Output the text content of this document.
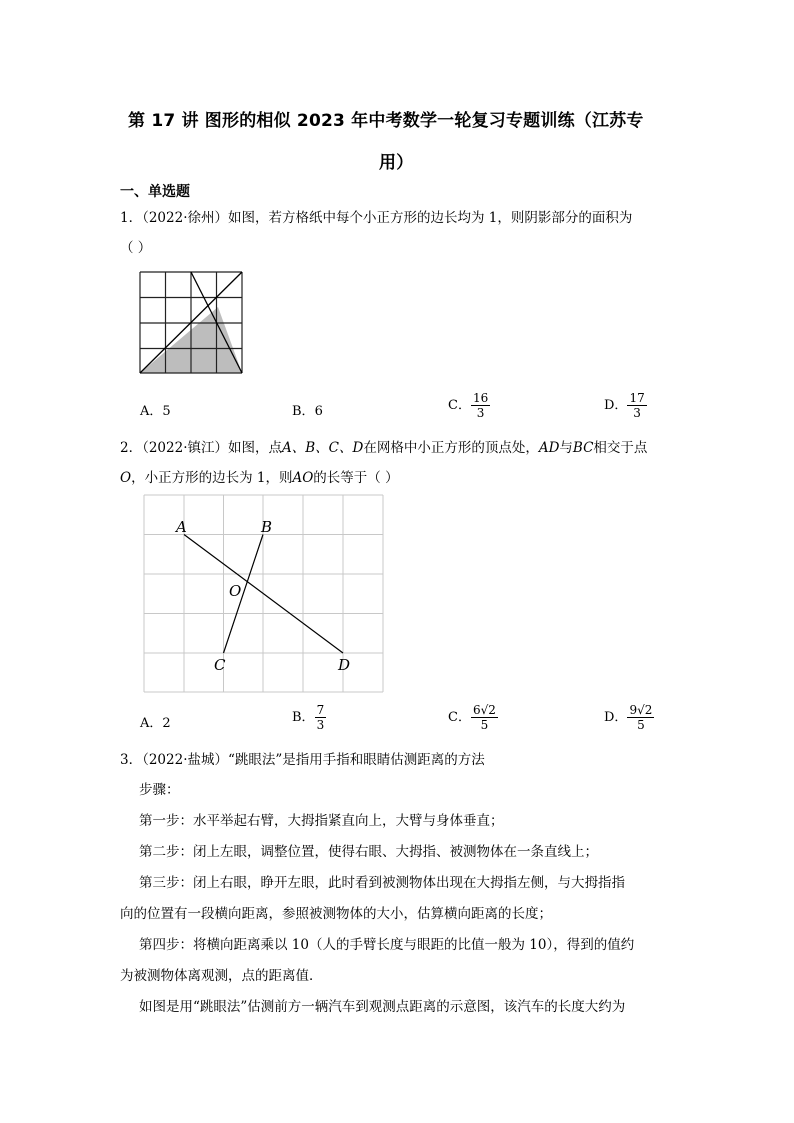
第 17 讲 图形的相似 2023 年中考数学一轮复习专题训练（江苏专
用）
一、单选题
1．（2022·徐州）如图，若方格纸中每个小正方形的边长均为 1，则阴影部分的面积为
（ ）
A．5	B．6	C． $\frac{16}{3}$	D． $\frac{17}{3}$
2．（2022·镇江）如图，点A、B、C、D在网格中小正方形的顶点处，AD与BC相交于点
O，小正方形的边长为 1，则AO的长等于（ ）
A	B
O
C	D
A．2	B． $\frac{7}{3}$	C． $\frac{6√2}{5}$	D． $\frac{9√2}{5}$
3．（2022·盐城）“跳眼法”是指用手指和眼睛估测距离的方法
步骤：
第一步：水平举起右臂，大拇指紧直向上，大臂与身体垂直；
第二步：闭上左眼，调整位置，使得右眼、大拇指、被测物体在一条直线上；
第三步：闭上右眼，睁开左眼，此时看到被测物体出现在大拇指左侧，与大拇指指
向的位置有一段横向距离，参照被测物体的大小，估算横向距离的长度；
第四步：将横向距离乘以 10（人的手臂长度与眼距的比值一般为 10），得到的值约
为被测物体离观测，点的距离值．
如图是用“跳眼法”估测前方一辆汽车到观测点距离的示意图，该汽车的长度大约为
